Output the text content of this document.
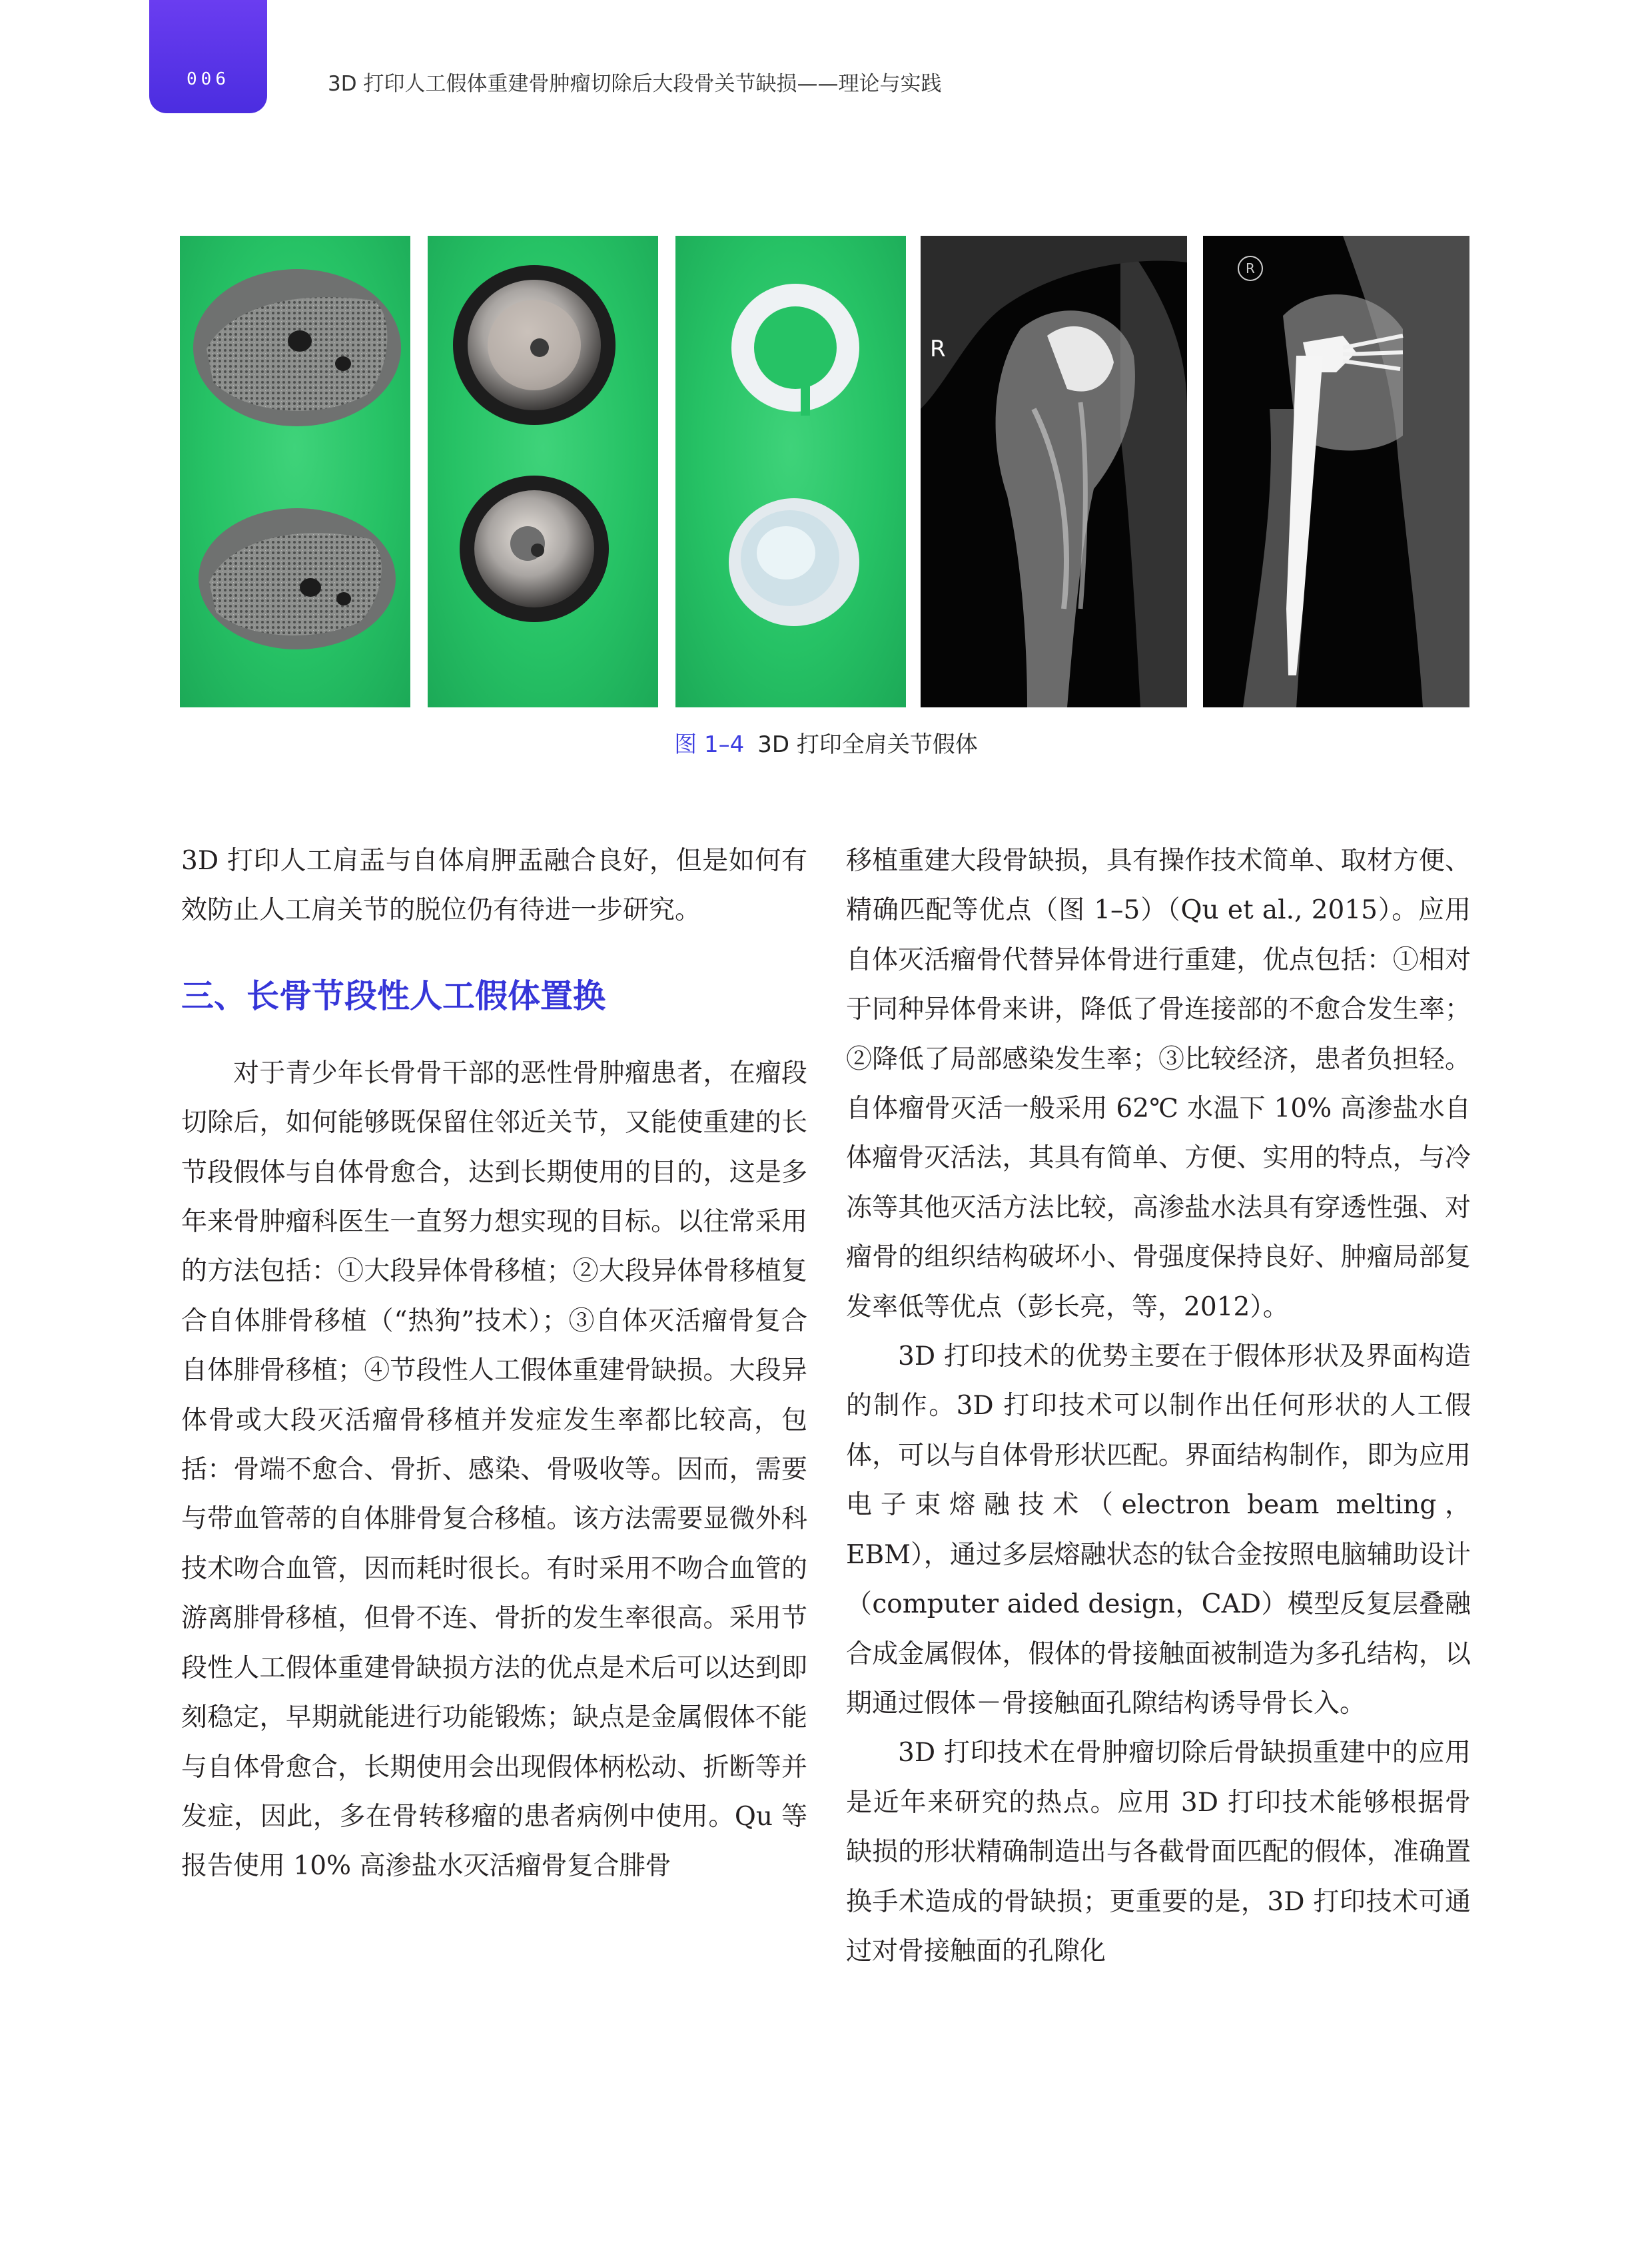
006	3D 打印人工假体重建骨肿瘤切除后大段骨关节缺损——理论与实践
R
R
图 1–4 3D 打印全肩关节假体

3D 打印人工肩盂与自体肩胛盂融合良好，但是如何有效防止人工肩关节的脱位仍有待进一步研究。

三、长骨节段性人工假体置换

对于青少年长骨骨干部的恶性骨肿瘤患者，在瘤段切除后，如何能够既保留住邻近关节，又能使重建的长节段假体与自体骨愈合，达到长期使用的目的，这是多年来骨肿瘤科医生一直努力想实现的目标。以往常采用的方法包括：①大段异体骨移植；②大段异体骨移植复合自体腓骨移植（“热狗”技术）；③自体灭活瘤骨复合自体腓骨移植；④节段性人工假体重建骨缺损。大段异体骨或大段灭活瘤骨移植并发症发生率都比较高，包括：骨端不愈合、骨折、感染、骨吸收等。因而，需要与带血管蒂的自体腓骨复合移植。该方法需要显微外科技术吻合血管，因而耗时很长。有时采用不吻合血管的游离腓骨移植，但骨不连、骨折的发生率很高。采用节段性人工假体重建骨缺损方法的优点是术后可以达到即刻稳定，早期就能进行功能锻炼；缺点是金属假体不能与自体骨愈合，长期使用会出现假体柄松动、折断等并发症，因此，多在骨转移瘤的患者病例中使用。Qu 等报告使用 10% 高渗盐水灭活瘤骨复合腓骨

移植重建大段骨缺损，具有操作技术简单、取材方便、精确匹配等优点（图 1–5）（Qu et al., 2015）。应用自体灭活瘤骨代替异体骨进行重建，优点包括：①相对于同种异体骨来讲，降低了骨连接部的不愈合发生率；②降低了局部感染发生率；③比较经济，患者负担轻。自体瘤骨灭活一般采用 62℃ 水温下 10% 高渗盐水自体瘤骨灭活法，其具有简单、方便、实用的特点，与冷冻等其他灭活方法比较，高渗盐水法具有穿透性强、对瘤骨的组织结构破坏小、骨强度保持良好、肿瘤局部复发率低等优点（彭长亮，等，2012）。

3D 打印技术的优势主要在于假体形状及界面构造的制作。3D 打印技术可以制作出任何形状的人工假体，可以与自体骨形状匹配。界面结构制作，即为应用电子束熔融技术（electron beam melting，EBM），通过多层熔融状态的钛合金按照电脑辅助设计（computer aided design，CAD）模型反复层叠融合成金属假体，假体的骨接触面被制造为多孔结构，以期通过假体－骨接触面孔隙结构诱导骨长入。

3D 打印技术在骨肿瘤切除后骨缺损重建中的应用是近年来研究的热点。应用 3D 打印技术能够根据骨缺损的形状精确制造出与各截骨面匹配的假体，准确置换手术造成的骨缺损；更重要的是，3D 打印技术可通过对骨接触面的孔隙化
